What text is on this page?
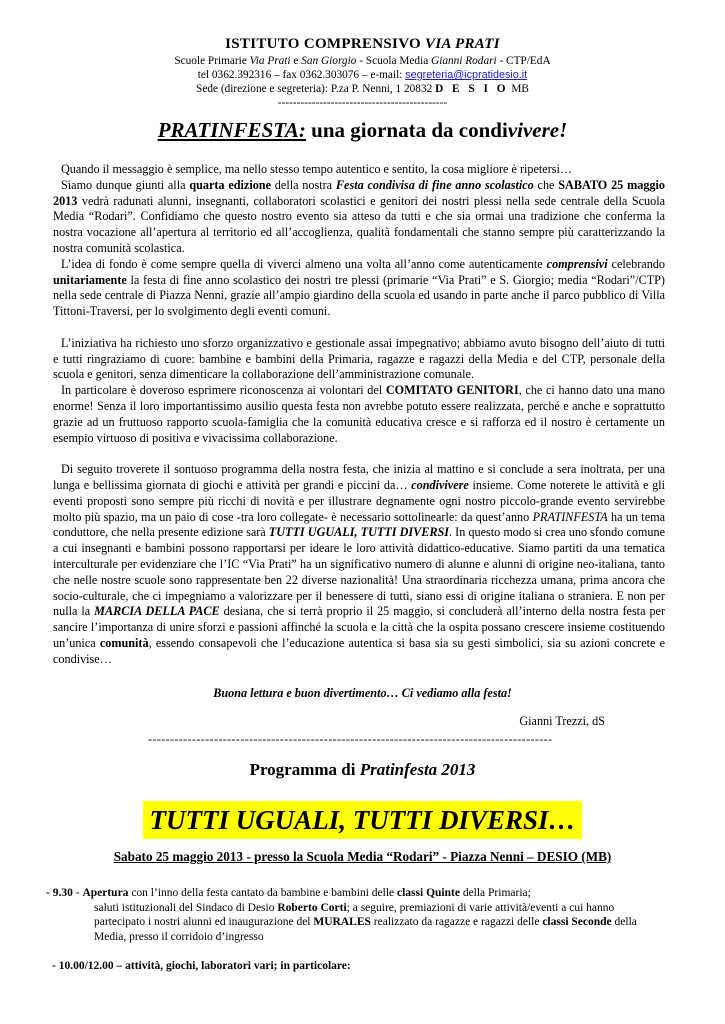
ISTITUTO COMPRENSIVO VIA PRATI
Scuole Primarie Via Prati e San Giorgio - Scuola Media Gianni Rodari - CTP/EdA
tel 0362.392316 – fax 0362.303076 – e-mail: segreteria@icpratidesio.it
Sede (direzione e segreteria): P.za P. Nenni, 1 20832 D E S I O MB
---------------------------------------------
PRATINFESTA: una giornata da condivivere!

Quando il messaggio è semplice, ma nello stesso tempo autentico e sentito, la cosa migliore è ripetersi…

Siamo dunque giunti alla quarta edizione della nostra Festa condivisa di fine anno scolastico che SABATO 25 maggio 2013 vedrà radunati alunni, insegnanti, collaboratori scolastici e genitori dei nostri plessi nella sede centrale della Scuola Media “Rodari”. Confidiamo che questo nostro evento sia atteso da tutti e che sia ormai una tradizione che conferma la nostra vocazione all’apertura al territorio ed all’accoglienza, qualità fondamentali che stanno sempre più caratterizzando la nostra comunità scolastica.

L’idea di fondo è come sempre quella di viverci almeno una volta all’anno come autenticamente comprensivi celebrando unitariamente la festa di fine anno scolastico dei nostri tre plessi (primarie “Via Prati” e S. Giorgio; media “Rodari”/CTP) nella sede centrale di Piazza Nenni, grazie all’ampio giardino della scuola ed usando in parte anche il parco pubblico di Villa Tittoni-Traversi, per lo svolgimento degli eventi comuni.

L’iniziativa ha richiesto uno sforzo organizzativo e gestionale assai impegnativo; abbiamo avuto bisogno dell’aiuto di tutti e tutti ringraziamo di cuore: bambine e bambini della Primaria, ragazze e ragazzi della Media e del CTP, personale della scuola e genitori, senza dimenticare la collaborazione dell’amministrazione comunale.

In particolare è doveroso esprimere riconoscenza ai volontari del COMITATO GENITORI, che ci hanno dato una mano enorme! Senza il loro importantissimo ausilio questa festa non avrebbe potuto essere realizzata, perché e anche e soprattutto grazie ad un fruttuoso rapporto scuola-famiglia che la comunità educativa cresce e si rafforza ed il nostro è certamente un esempio virtuoso di positiva e vivacissima collaborazione.

Di seguito troverete il sontuoso programma della nostra festa, che inizia al mattino e si conclude a sera inoltrata, per una lunga e bellissima giornata di giochi e attività per grandi e piccini da… condivivere insieme. Come noterete le attività e gli eventi proposti sono sempre più ricchi di novità e per illustrare degnamente ogni nostro piccolo-grande evento servirebbe molto più spazio, ma un paio di cose -tra loro collegate- è necessario sottolinearle: da quest’anno PRATINFESTA ha un tema conduttore, che nella presente edizione sarà TUTTI UGUALI, TUTTI DIVERSI. In questo modo si crea uno sfondo comune a cui insegnanti e bambini possono rapportarsi per ideare le loro attività didattico-educative. Siamo partiti da una tematica interculturale per evidenziare che l’IC “Via Prati” ha un significativo numero di alunne e alunni di origine neo-italiana, tanto che nelle nostre scuole sono rappresentate ben 22 diverse nazionalità! Una straordinaria ricchezza umana, prima ancora che socio-culturale, che ci impegniamo a valorizzare per il benessere di tutti, siano essi di origine italiana o straniera. E non per nulla la MARCIA DELLA PACE desiana, che si terrà proprio il 25 maggio, si concluderà all’interno della nostra festa per sancire l’importanza di unire sforzi e passioni affinché la scuola e la città che la ospita possano crescere insieme costituendo un’unica comunità, essendo consapevoli che l’educazione autentica si basa sia su gesti simbolici, sia su azioni concrete e condivise…

Buona lettura e buon divertimento… Ci vediamo alla festa!
Gianni Trezzi, dS
--------------------------------------------------------------------------------------------
Programma di Pratinfesta 2013
TUTTI UGUALI, TUTTI DIVERSI…
Sabato 25 maggio 2013 - presso la Scuola Media “Rodari” - Piazza Nenni – DESIO (MB)
- 9.30 - Apertura con l’inno della festa cantato da bambine e bambini delle classi Quinte della Primaria;
saluti istituzionali del Sindaco di Desio Roberto Corti; a seguire, premiazioni di varie attività/eventi a cui hanno partecipato i nostri alunni ed inaugurazione del MURALES realizzato da ragazze e ragazzi delle classi Seconde della Media, presso il corridoio d’ingresso
- 10.00/12.00 – attività, giochi, laboratori vari; in particolare:
